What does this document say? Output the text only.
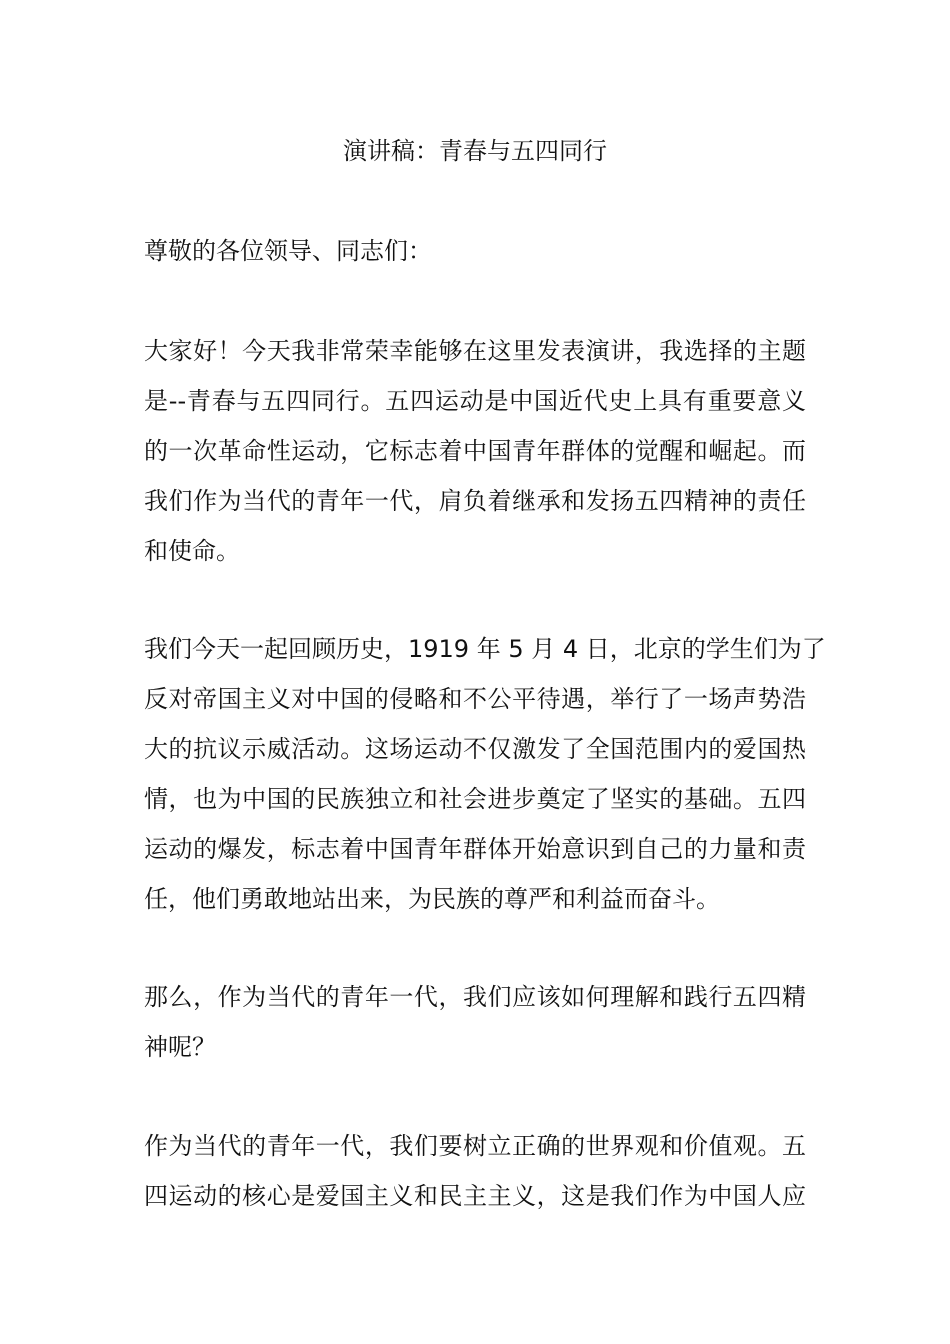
演讲稿：青春与五四同行

尊敬的各位领导、同志们：

大家好！今天我非常荣幸能够在这里发表演讲，我选择的主题
是--青春与五四同行。五四运动是中国近代史上具有重要意义
的一次革命性运动，它标志着中国青年群体的觉醒和崛起。而
我们作为当代的青年一代，肩负着继承和发扬五四精神的责任
和使命。

我们今天一起回顾历史，1919 年 5 月 4 日，北京的学生们为了
反对帝国主义对中国的侵略和不公平待遇，举行了一场声势浩
大的抗议示威活动。这场运动不仅激发了全国范围内的爱国热
情，也为中国的民族独立和社会进步奠定了坚实的基础。五四
运动的爆发，标志着中国青年群体开始意识到自己的力量和责
任，他们勇敢地站出来，为民族的尊严和利益而奋斗。

那么，作为当代的青年一代，我们应该如何理解和践行五四精
神呢？

作为当代的青年一代，我们要树立正确的世界观和价值观。五
四运动的核心是爱国主义和民主主义，这是我们作为中国人应
